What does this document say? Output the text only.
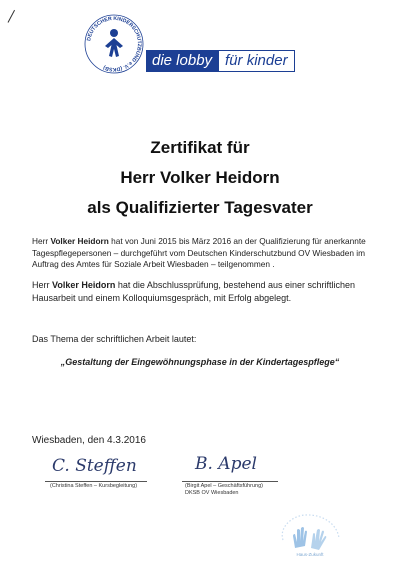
DEUTSCHER KINDERSCHUTZBUND e.V. (DKSB)	die lobby für kinder
Zertifikat für
Herr Volker Heidorn
als Qualifizierter Tagesvater
Herr Volker Heidorn hat von Juni 2015 bis März 2016 an der Qualifizierung für anerkannte Tagespflegepersonen – durchgeführt vom Deutschen Kinderschutzbund OV Wiesbaden im Auftrag des Amtes für Soziale Arbeit Wiesbaden – teilgenommen .
Herr Volker Heidorn hat die Abschlussprüfung, bestehend aus einer schriftlichen Hausarbeit und einem Kolloquiumsgespräch, mit Erfolg abgelegt.
Das Thema der schriftlichen Arbeit lautet:
„Gestaltung der Eingewöhnungsphase in der Kindertagespflege“
Wiesbaden, den 4.3.2016
C. Steffen
(Christina Steffen – Kursbegleitung)
B. Apel
(Birgit Apel – Geschäftsführung)
DKSB OV Wiesbaden
Haus-Zukunft
